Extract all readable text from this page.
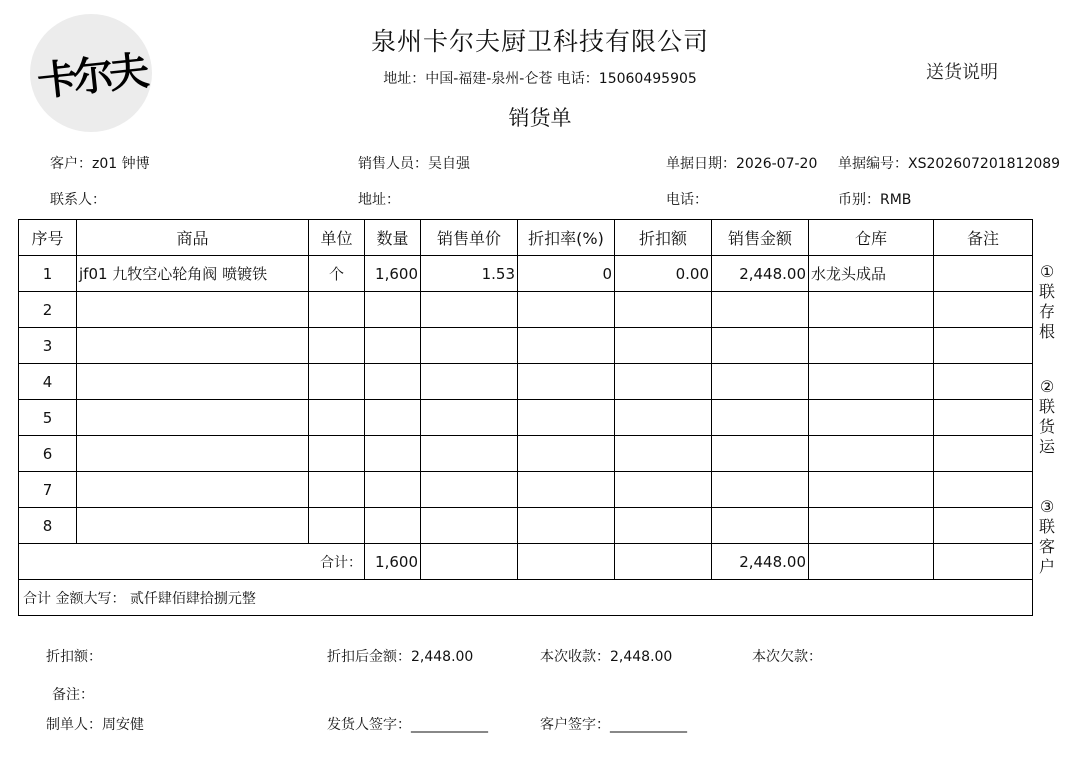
卡尔夫
泉州卡尔夫厨卫科技有限公司
地址：中国-福建-泉州-仑苍 电话：15060495905
销货单
送货说明
客户：z01 钟博	销售人员：吴自强	单据日期：2026-07-20 单据编号：XS202607201812089
联系人：	地址：	电话：	币别：RMB
序号	商品	单位	数量	销售单价	折扣率(%)	折扣额	销售金额	仓库	备注
1	jf01 九牧空心轮角阀 喷镀铁	个	1,600	1.53	0	0.00	2,448.00	水龙头成品	
2									
3									
4									
5									
6									
7									
8									
合计：			1,600				2,448.00		
合计 金额大写： 贰仟肆佰肆拾捌元整									
①
联
存
根
②
联
货
运
③
联
客
户
折扣额：	折扣后金额：2,448.00	本次收款：2,448.00	本次欠款：
备注：
制单人：周安健	发货人签字：___________	客户签字：___________
